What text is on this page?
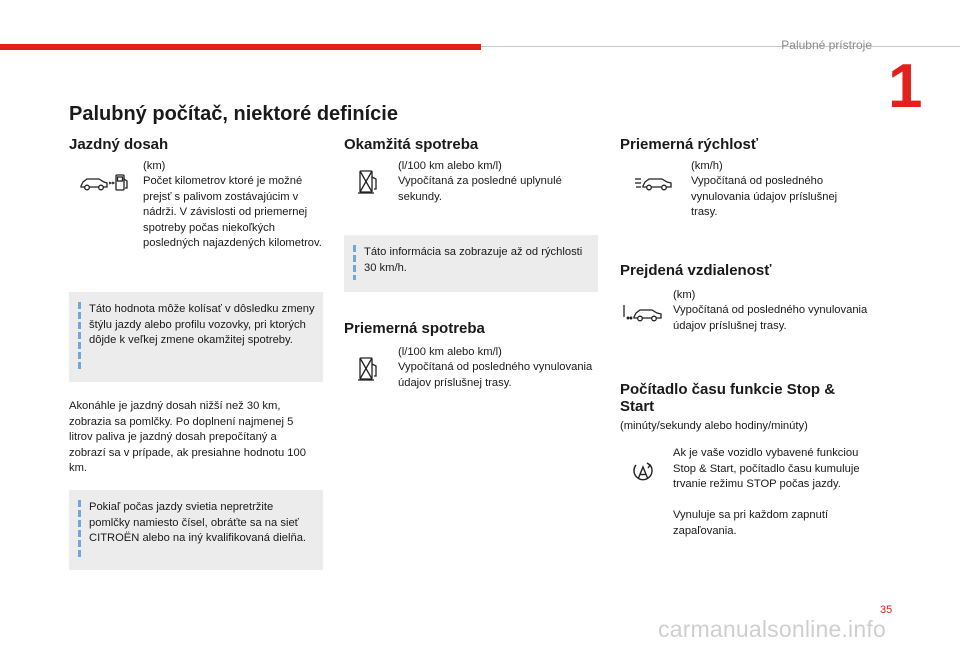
Palubné prístroje
1
Palubný počítač, niektoré definície
Jazdný dosah
(km)
Počet kilometrov ktoré je možné prejsť s palivom zostávajúcim v nádrži. V závislosti od priemernej spotreby počas niekoľkých posledných najazdených kilometrov.
Táto hodnota môže kolísať v dôsledku zmeny štýlu jazdy alebo profilu vozovky, pri ktorých dôjde k veľkej zmene okamžitej spotreby.
Akonáhle je jazdný dosah nižší než 30 km, zobrazia sa pomlčky. Po doplnení najmenej 5 litrov paliva je jazdný dosah prepočítaný a zobrazí sa v prípade, ak presiahne hodnotu 100 km.
Pokiaľ počas jazdy svietia nepretržite pomlčky namiesto čísel, obráťte sa na sieť CITROËN alebo na iný kvalifikovaná dielňa.
Okamžitá spotreba
(l/100 km alebo km/l)
Vypočítaná za posledné uplynulé sekundy.
Táto informácia sa zobrazuje až od rýchlosti 30 km/h.
Priemerná spotreba
(l/100 km alebo km/l)
Vypočítaná od posledného vynulovania údajov príslušnej trasy.
Priemerná rýchlosť
(km/h)
Vypočítaná od posledného vynulovania údajov príslušnej trasy.
Prejdená vzdialenosť
(km)
Vypočítaná od posledného vynulovania údajov príslušnej trasy.
Počítadlo času funkcie Stop & Start
(minúty/sekundy alebo hodiny/minúty)
Ak je vaše vozidlo vybavené funkciou Stop & Start, počítadlo času kumuluje trvanie režimu STOP počas jazdy.
Vynuluje sa pri každom zapnutí zapaľovania.
35
carmanualsonline.info
